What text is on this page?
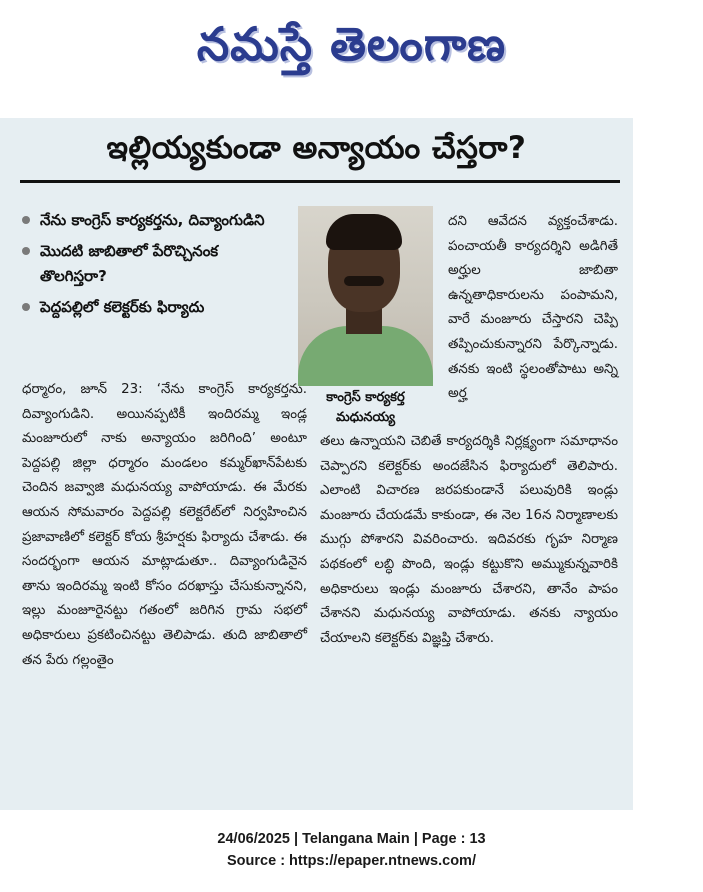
నమస్తే తెలంగాణ
ఇల్లియ్యకుండా అన్యాయం చేస్తరా?
నేను కాంగ్రెస్ కార్యకర్తను, దివ్యాంగుడిని
మొదటి జాబితాలో పేరొచ్చినంక తొలగిస్తరా?
పెద్దపల్లిలో కలెక్టర్‌కు ఫిర్యాదు
కాంగ్రెస్ కార్యకర్త మధునయ్య

దని ఆవేదన వ్యక్తంచేశాడు. పంచాయతీ కార్యదర్శిని అడిగితే అర్హుల జాబితా ఉన్నతాధికారులను పంపామని, వారే మంజూరు చేస్తారని చెప్పి తప్పించుకున్నారని పేర్కొన్నాడు. తనకు ఇంటి స్థలంతోపాటు అన్ని అర్హ

ధర్మారం, జూన్ 23: ‘నేను కాంగ్రెస్ కార్యకర్తను. దివ్యాంగుడిని. అయినప్పటికీ ఇందిరమ్మ ఇండ్ల మంజూరులో నాకు అన్యాయం జరిగింది’ అంటూ పెద్దపల్లి జిల్లా ధర్మారం మండలం కమ్మర్‌ఖాన్‌పేటకు చెందిన జవ్వాజి మధునయ్య వాపోయాడు. ఈ మేరకు ఆయన సోమవారం పెద్దపల్లి కలెక్టరేట్‌లో నిర్వహించిన ప్రజావాణిలో కలెక్టర్ కోయ శ్రీహర్షకు ఫిర్యాదు చేశాడు. ఈ సందర్భంగా ఆయన మాట్లాడుతూ.. దివ్యాంగుడినైన తాను ఇందిరమ్మ ఇంటి కోసం దరఖాస్తు చేసుకున్నానని, ఇల్లు మంజూరైనట్టు గతంలో జరిగిన గ్రామ సభలో అధికారులు ప్రకటించినట్టు తెలిపాడు. తుది జాబితాలో తన పేరు గల్లంతైం

తలు ఉన్నాయని చెబితే కార్యదర్శికి నిర్లక్ష్యంగా సమాధానం చెప్పారని కలెక్టర్‌కు అందజేసిన ఫిర్యాదులో తెలిపారు. ఎలాంటి విచారణ జరపకుండానే పలువురికి ఇండ్లు మంజూరు చేయడమే కాకుండా, ఈ నెల 16న నిర్మాణాలకు ముగ్గు పోశారని వివరించారు. ఇదివరకు గృహ నిర్మాణ పథకంలో లబ్ధి పొంది, ఇండ్లు కట్టుకొని అమ్ముకున్నవారికి అధికారులు ఇండ్లు మంజూరు చేశారని, తానేం పాపం చేశానని మధునయ్య వాపోయాడు. తనకు న్యాయం చేయాలని కలెక్టర్‌కు విజ్ఞప్తి చేశారు.

24/06/2025 | Telangana Main | Page : 13
Source : https://epaper.ntnews.com/
